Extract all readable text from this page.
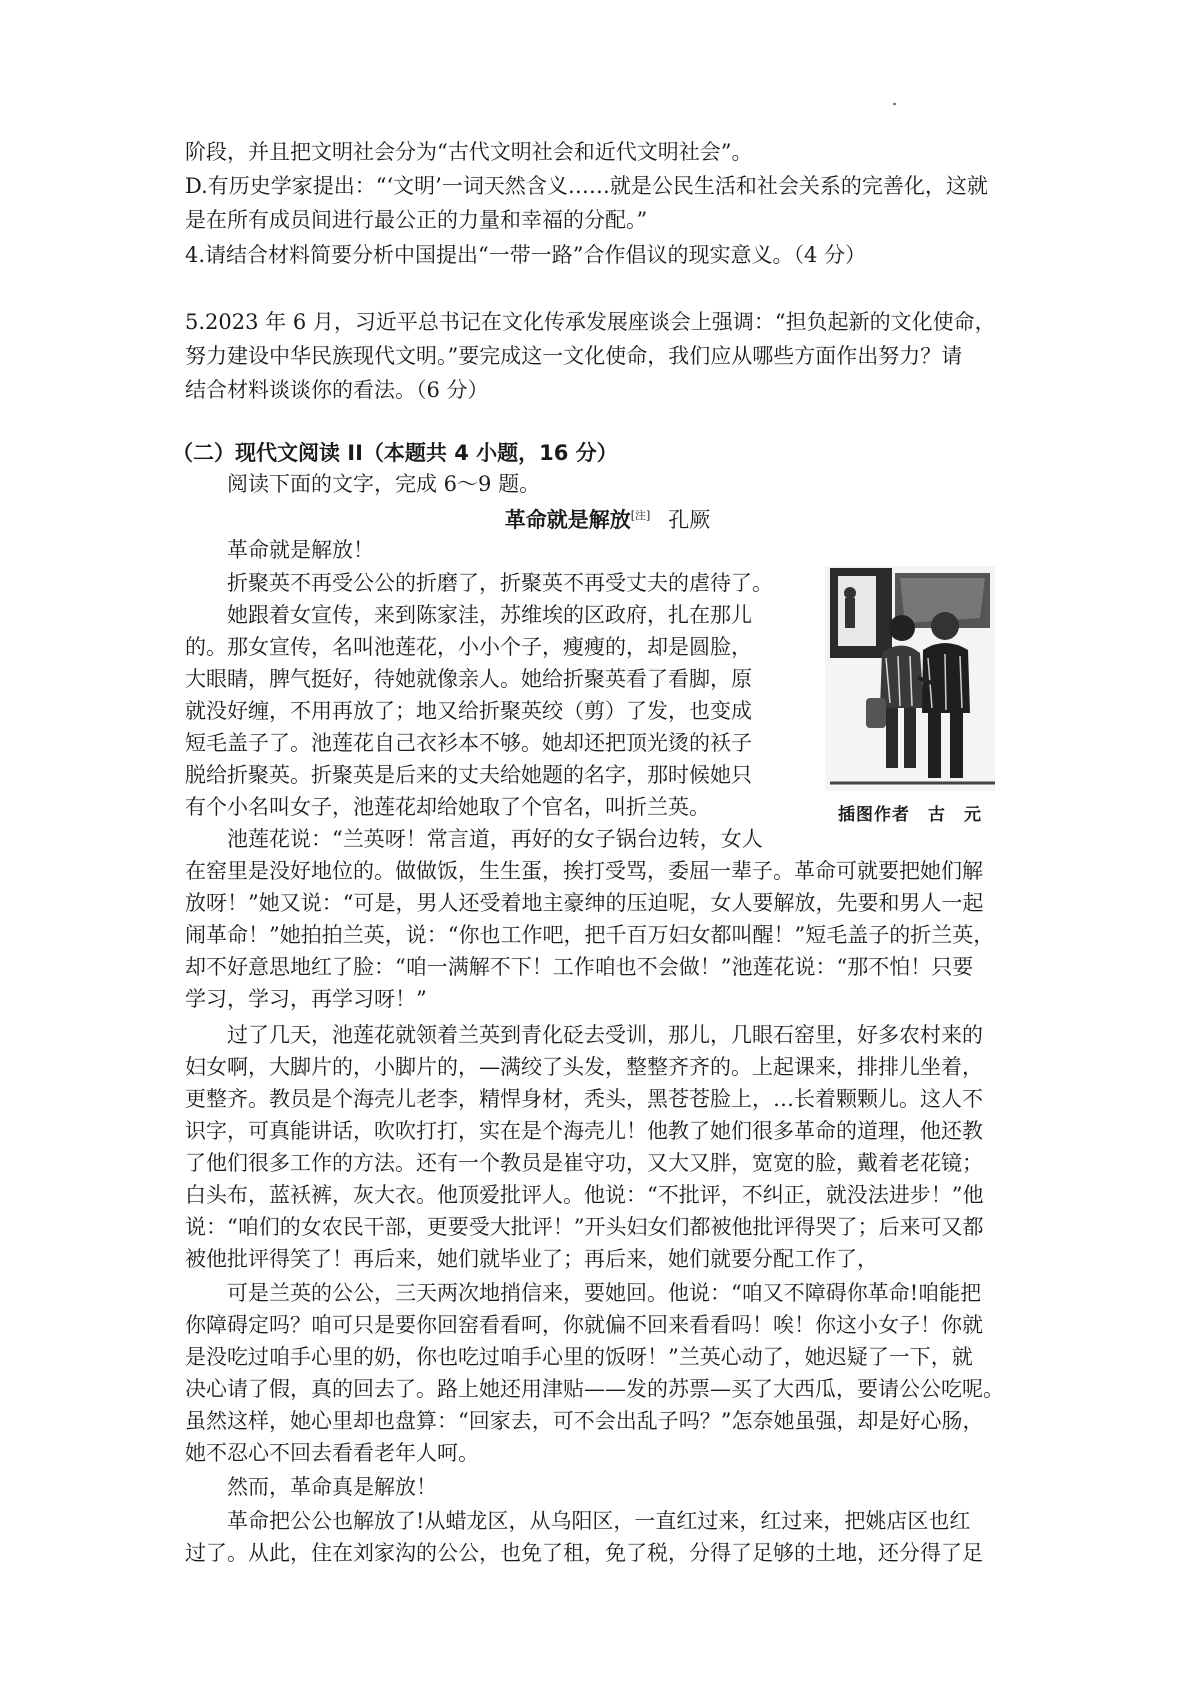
阶段，并且把文明社会分为“古代文明社会和近代文明社会”。
D.有历史学家提出：“‘文明’一词天然含义……就是公民生活和社会关系的完善化，这就
是在所有成员间进行最公正的力量和幸福的分配。”
4.请结合材料简要分析中国提出“一带一路”合作倡议的现实意义。（4 分）
5.2023 年 6 月，习近平总书记在文化传承发展座谈会上强调：“担负起新的文化使命，
努力建设中华民族现代文明。”要完成这一文化使命，我们应从哪些方面作出努力？请
结合材料谈谈你的看法。（6 分）
（二）现代文阅读 II（本题共 4 小题，16 分）
阅读下面的文字，完成 6～9 题。
革命就是解放[注] 孔厥
革命就是解放！
折聚英不再受公公的折磨了，折聚英不再受丈夫的虐待了。
她跟着女宣传，来到陈家洼，苏维埃的区政府，扎在那儿
的。那女宣传，名叫池莲花，小小个子，瘦瘦的，却是圆脸，
大眼睛，脾气挺好，待她就像亲人。她给折聚英看了看脚，原
就没好缠，不用再放了；地又给折聚英绞（剪）了发，也变成
短毛盖子了。池莲花自己衣衫本不够。她却还把顶光烫的袄子
脱给折聚英。折聚英是后来的丈夫给她题的名字，那时候她只
有个小名叫女子，池莲花却给她取了个官名，叫折兰英。
池莲花说：“兰英呀！常言道，再好的女子锅台边转，女人
插图作者　古　元
在窑里是没好地位的。做做饭，生生蛋，挨打受骂，委屈一辈子。革命可就要把她们解
放呀！”她又说：“可是，男人还受着地主豪绅的压迫呢，女人要解放，先要和男人一起
闹革命！”她拍拍兰英，说：“你也工作吧，把千百万妇女都叫醒！”短毛盖子的折兰英，
却不好意思地红了脸：“咱一满解不下！工作咱也不会做！”池莲花说：“那不怕！只要
学习，学习，再学习呀！”
过了几天，池莲花就领着兰英到青化砭去受训，那儿，几眼石窑里，好多农村来的
妇女啊，大脚片的，小脚片的，—满绞了头发，整整齐齐的。上起课来，排排儿坐着，
更整齐。教员是个海壳儿老李，精悍身材，秃头，黑苍苍脸上，…长着颗颗儿。这人不
识字，可真能讲话，吹吹打打，实在是个海壳儿！他教了她们很多革命的道理，他还教
了他们很多工作的方法。还有一个教员是崔守功，又大又胖，宽宽的脸，戴着老花镜；
白头布，蓝袄裤，灰大衣。他顶爱批评人。他说：“不批评，不纠正，就没法进步！”他
说：“咱们的女农民干部，更要受大批评！”开头妇女们都被他批评得哭了；后来可又都
被他批评得笑了！再后来，她们就毕业了；再后来，她们就要分配工作了，
可是兰英的公公，三天两次地捎信来，要她回。他说：“咱又不障碍你革命!咱能把
你障碍定吗？咱可只是要你回窑看看呵，你就偏不回来看看吗！唉！你这小女子！你就
是没吃过咱手心里的奶，你也吃过咱手心里的饭呀！”兰英心动了，她迟疑了一下，就
决心请了假，真的回去了。路上她还用津贴——发的苏票—买了大西瓜，要请公公吃呢。
虽然这样，她心里却也盘算：“回家去，可不会出乱子吗？”怎奈她虽强，却是好心肠，
她不忍心不回去看看老年人呵。
然而，革命真是解放！
革命把公公也解放了!从蜡龙区，从乌阳区，一直红过来，红过来，把姚店区也红
过了。从此，住在刘家沟的公公，也免了租，免了税，分得了足够的土地，还分得了足
